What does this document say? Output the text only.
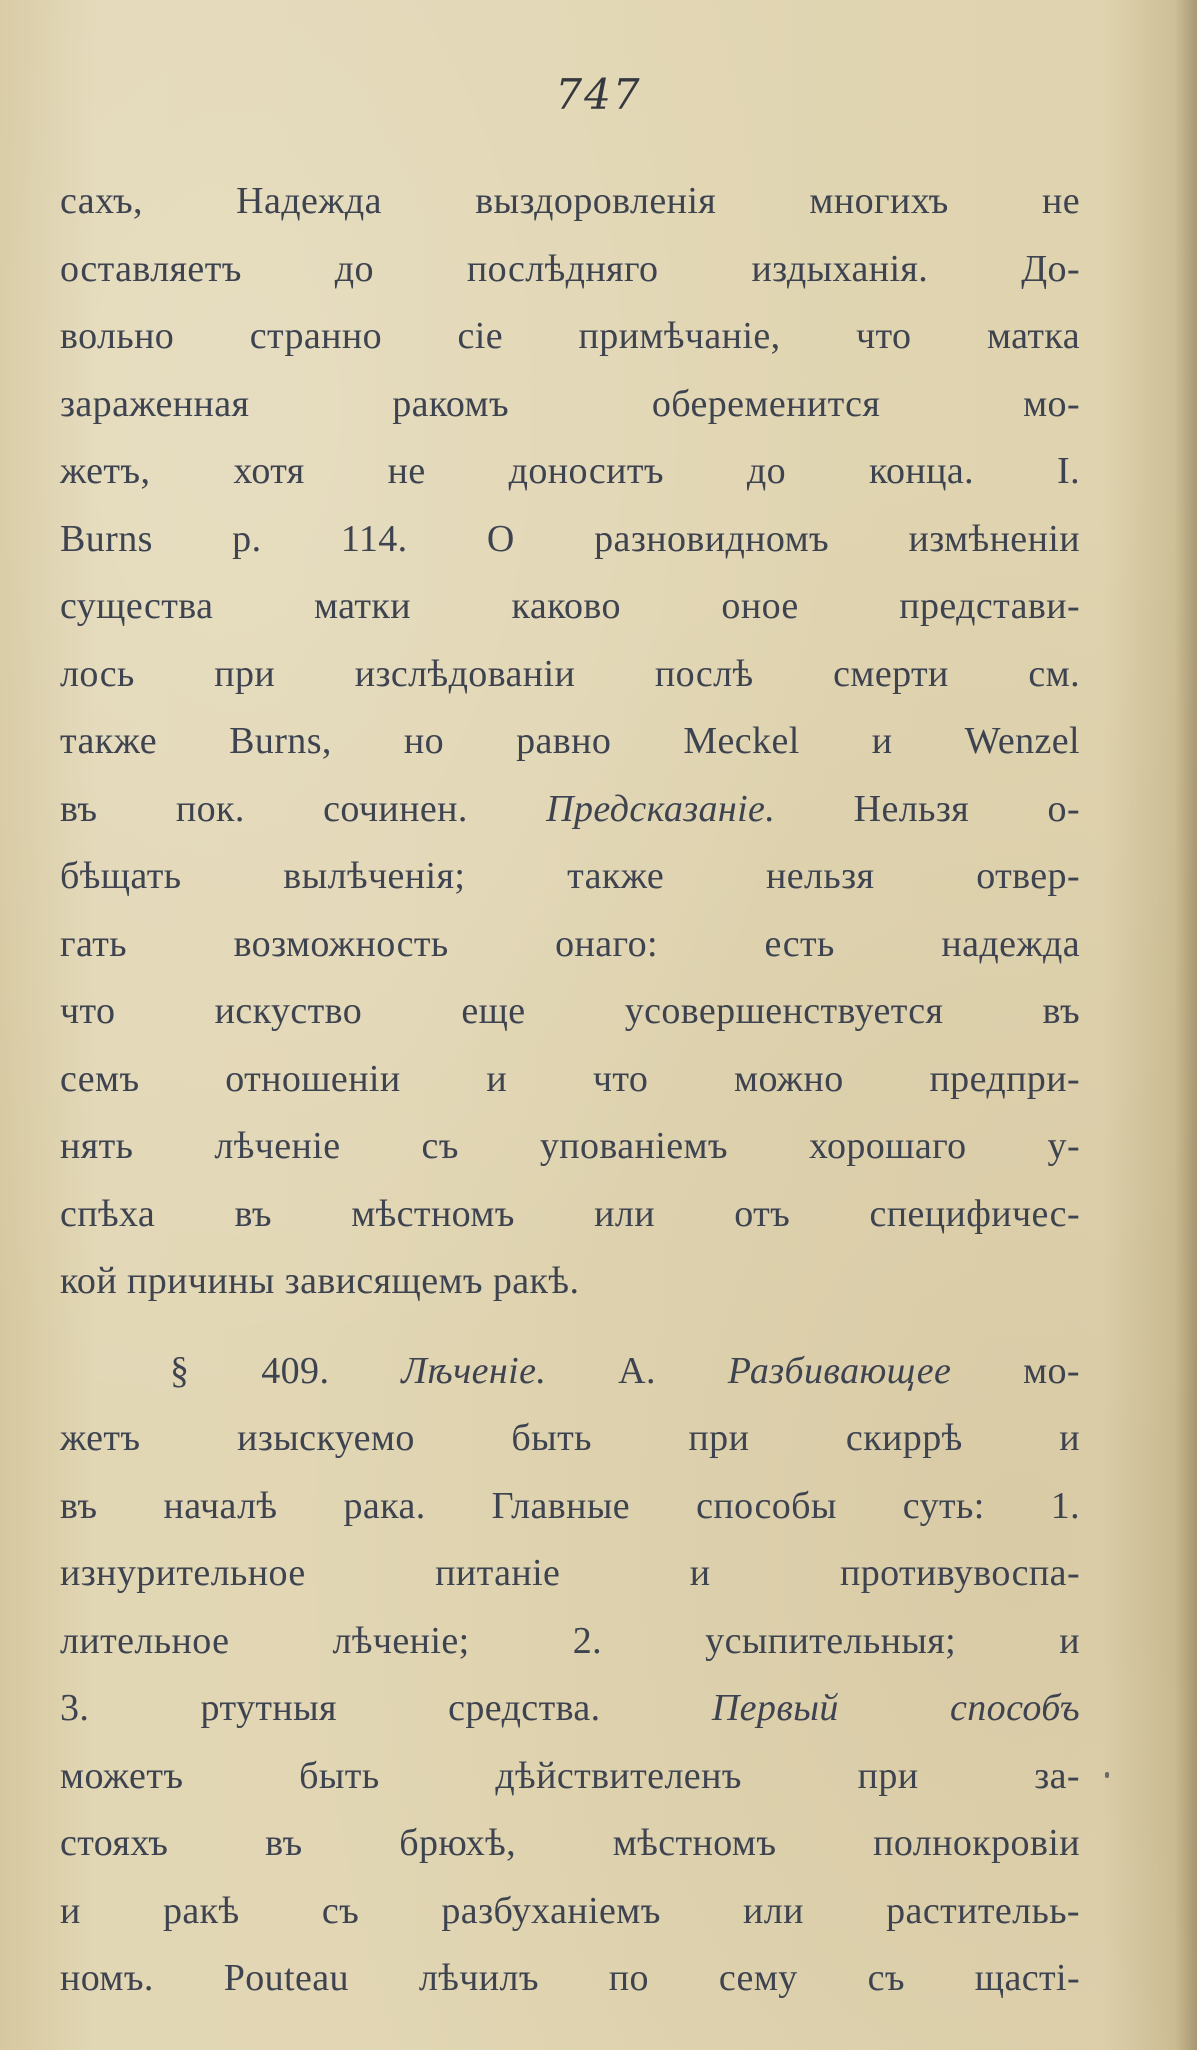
747
сахъ, Надежда выздоровленія многихъ не
оставляетъ до послѣдняго издыханія. До-
вольно странно сіе примѣчаніе, что матка
зараженная ракомъ обеременится мо-
жетъ, хотя не доноситъ до конца. I.
Burns р. 114. О разновидномъ измѣненіи
существа матки каково оное представи-
лось при изслѣдованіи послѣ смерти см.
также Burns, но равно Meckel и Wenzel
въ пок. сочинен. Предсказаніе. Нельзя о-
бѣщать вылѣченія; также нельзя отвер-
гать возможность онаго: есть надежда
что искуство еще усовершенствуется въ
семъ отношеніи и что можно предпри-
нять лѣченіе съ упованіемъ хорошаго у-
спѣха въ мѣстномъ или отъ специфичес-
кой причины зависящемъ ракѣ.
§ 409. Лѣченіе. А. Разбивающее мо-
жетъ изыскуемо быть при скиррѣ и
въ началѣ рака. Главные способы суть: 1.
изнурительное питаніе и противувоспа-
лительное лѣченіе; 2. усыпительныя; и
3. ртутныя средства. Первый способъ
можетъ быть дѣйствителенъ при за-
стояхъ въ брюхѣ, мѣстномъ полнокровіи
и ракѣ съ разбуханіемъ или растительь-
номъ. Pouteau лѣчилъ по сему съ щасті-
